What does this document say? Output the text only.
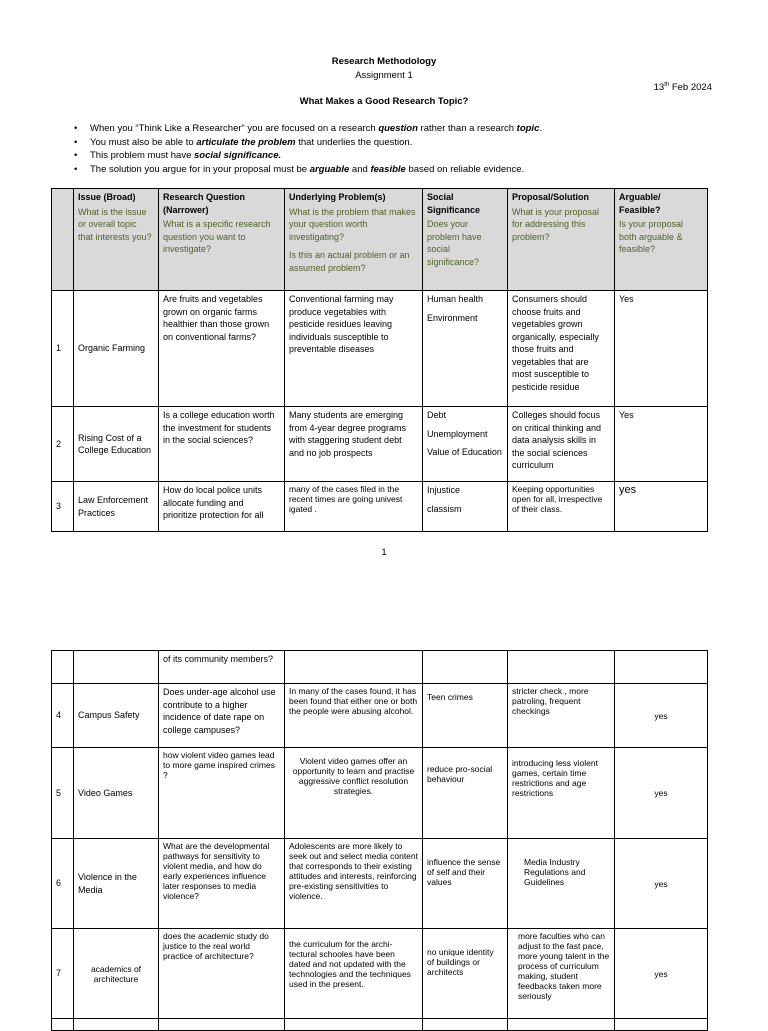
Research Methodology
Assignment 1
13th Feb 2024
What Makes a Good Research Topic?
• When you “Think Like a Researcher” you are focused on a research question rather than a research topic.
• You must also be able to articulate the problem that underlies the question.
• This problem must have social significance.
• The solution you argue for in your proposal must be arguable and feasible based on reliable evidence.

	Issue (Broad)
What is the issue or overall topic that interests you?	Research Question (Narrower)
What is a specific research question you want to investigate?	Underlying Problem(s)
What is the problem that makes your question worth investigating?
Is this an actual problem or an assumed problem?	Social Significance
Does your problem have social significance?	Proposal/Solution
What is your proposal for addressing this problem?	Arguable/ Feasible?
Is your proposal both arguable & feasible?

1	Organic Farming	Are fruits and vegetables grown on organic farms healthier than those grown on conventional farms?	Conventional farming may produce vegetables with pesticide residues leaving individuals susceptible to preventable diseases	Human health
Environment	Consumers should choose fruits and vegetables grown organically, especially those fruits and vegetables that are most susceptible to pesticide residue	Yes
2	Rising Cost of a College Education	Is a college education worth the investment for students in the social sciences?	Many students are emerging from 4-year degree programs with staggering student debt and no job prospects	Debt
Unemployment
Value of Education	Colleges should focus on critical thinking and data analysis skills in the social sciences curriculum	Yes
3	Law Enforcement Practices	How do local police units allocate funding and prioritize protection for all	many of the cases filed in the recent times are going univest igated .	Injustice
classism	Keeping opportunities open for all, irrespective of their class.	yes
1
		of its community members?				
4	Campus Safety	Does under-age alcohol use contribute to a higher incidence of date rape on college campuses?	In many of the cases found, it has been found that either one or both the people were abusing alcohol.	Teen crimes	stricter check , more patroling, frequent checkings	yes
5	Video Games	how violent video games lead to more game inspired crimes ?	Violent video games offer an opportunity to learn and practise aggressive conflict resolution strategies.	reduce pro-social behaviour	introducing less violent games, certain time restrictions and age restrictions	yes
6	Violence in the Media	What are the developmental pathways for sensitivity to violent media, and how do early experiences influence later responses to media violence?	Adolescents are more likely to seek out and select media content that corresponds to their existing attitudes and interests, reinforcing pre-existing sensitivities to violence.	influence the sense of self and their values	Media Industry Regulations and Guidelines	yes
7	academics of architecture	does the academic study do justice to the real world practice of architecture?	the curriculum for the archi-tectural schooles have been dated and not updated with the technologies and the techniques used in the present.	no unique identity of buildings or architects	more faculties who can adjust to the fast pace, more young talent in the process of curriculum making, student feedbacks taken more seriously	yes
